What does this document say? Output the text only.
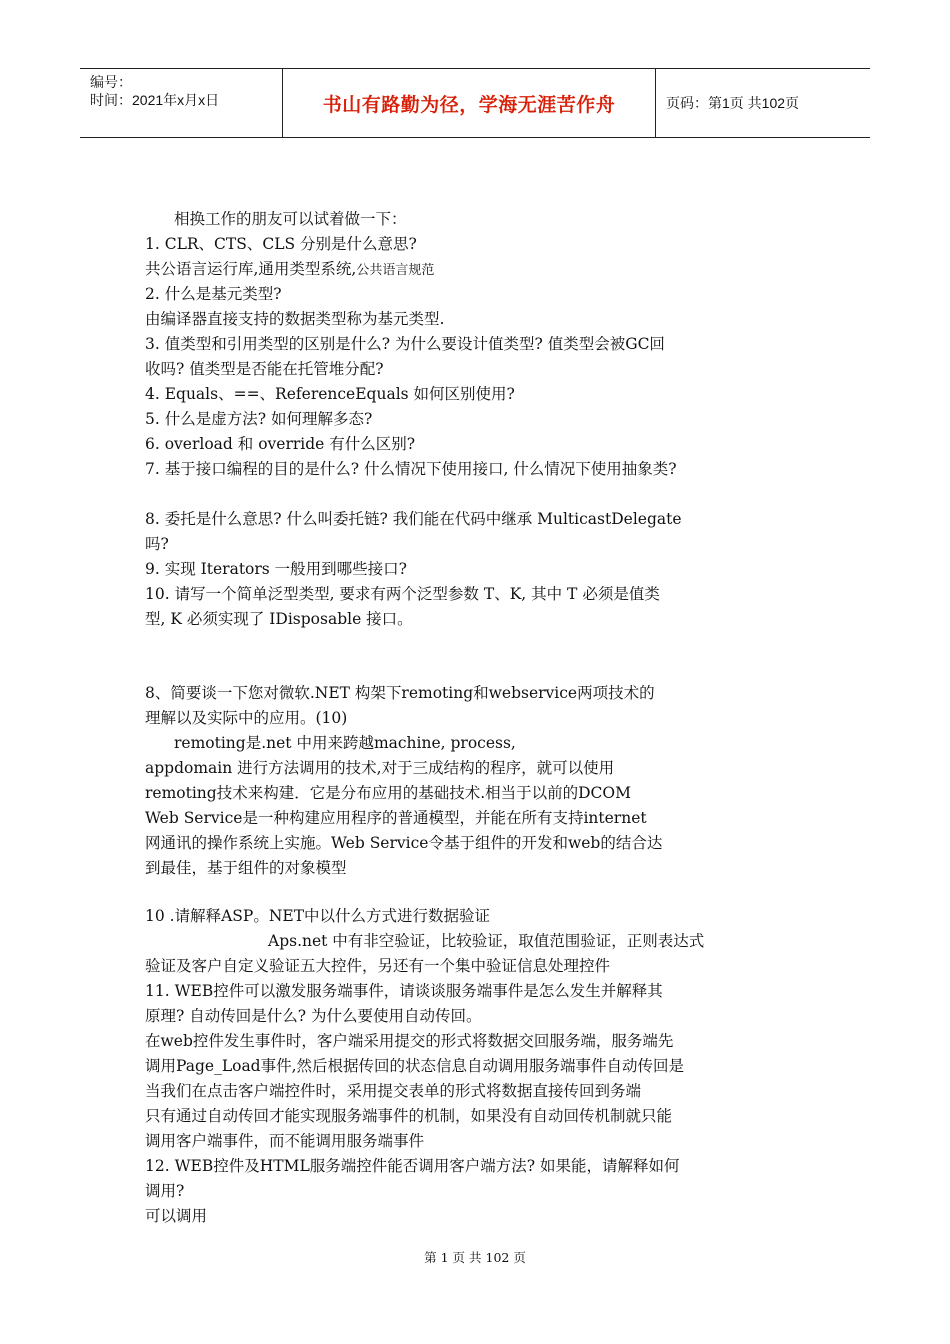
编号：
时间：2021年x月x日	书山有路勤为径，学海无涯苦作舟	页码：第1页 共102页
相换工作的朋友可以试着做一下：
1. CLR、CTS、CLS 分别是什么意思?
共公语言运行库,通用类型系统,公共语言规范
2. 什么是基元类型?
由编译器直接支持的数据类型称为基元类型.
3. 值类型和引用类型的区别是什么? 为什么要设计值类型? 值类型会被GC回
收吗? 值类型是否能在托管堆分配?
4. Equals、==、ReferenceEquals 如何区别使用?
5. 什么是虚方法? 如何理解多态?
6. overload 和 override 有什么区别?
7. 基于接口编程的目的是什么? 什么情况下使用接口, 什么情况下使用抽象类?
8. 委托是什么意思? 什么叫委托链? 我们能在代码中继承 MulticastDelegate
吗?
9. 实现 Iterators 一般用到哪些接口?
10. 请写一个简单泛型类型, 要求有两个泛型参数 T、K, 其中 T 必须是值类
型, K 必须实现了 IDisposable 接口。
8、简要谈一下您对微软.NET 构架下remoting和webservice两项技术的
理解以及实际中的应用。(10)
remoting是.net 中用来跨越machine, process,
appdomain 进行方法调用的技术,对于三成结构的程序，就可以使用
remoting技术来构建．它是分布应用的基础技术.相当于以前的DCOM
Web Service是一种构建应用程序的普通模型，并能在所有支持internet
网通讯的操作系统上实施。Web Service令基于组件的开发和web的结合达
到最佳，基于组件的对象模型
10 .请解释ASP。NET中以什么方式进行数据验证
Aps.net 中有非空验证，比较验证，取值范围验证，正则表达式
验证及客户自定义验证五大控件，另还有一个集中验证信息处理控件
11. WEB控件可以激发服务端事件，请谈谈服务端事件是怎么发生并解释其
原理? 自动传回是什么? 为什么要使用自动传回。
在web控件发生事件时，客户端采用提交的形式将数据交回服务端，服务端先
调用Page_Load事件,然后根据传回的状态信息自动调用服务端事件自动传回是
当我们在点击客户端控件时，采用提交表单的形式将数据直接传回到务端
只有通过自动传回才能实现服务端事件的机制，如果没有自动回传机制就只能
调用客户端事件，而不能调用服务端事件
12. WEB控件及HTML服务端控件能否调用客户端方法? 如果能，请解释如何
调用?
可以调用
第 1 页 共 102 页
